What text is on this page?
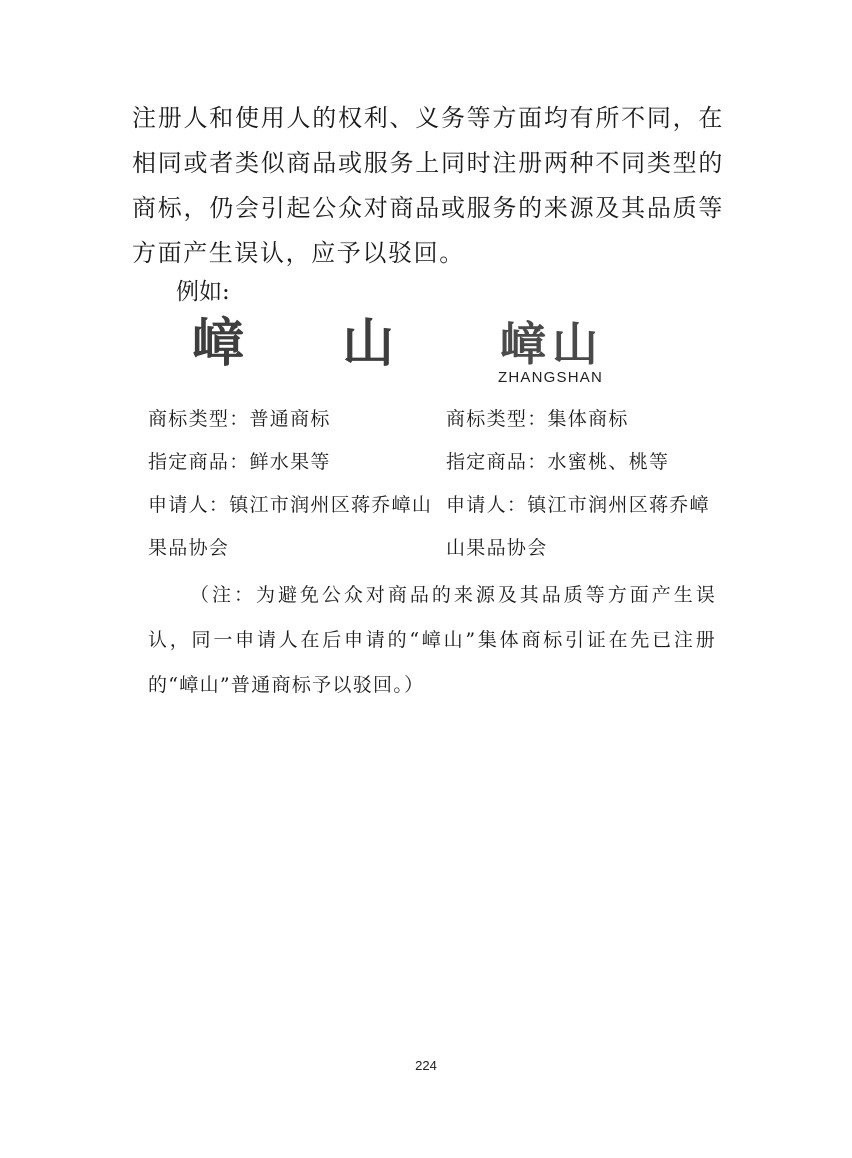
注册人和使用人的权利、义务等方面均有所不同，在相同或者类似商品或服务上同时注册两种不同类型的商标，仍会引起公众对商品或服务的来源及其品质等方面产生误认，应予以驳回。

例如:

嶂 山 嶂山
ZHANGSHAN
商标类型：普通商标
指定商品：鲜水果等
申请人：镇江市润州区蒋乔嶂山果品协会
商标类型：集体商标
指定商品：水蜜桃、桃等
申请人：镇江市润州区蒋乔嶂山果品协会
（注：为避免公众对商品的来源及其品质等方面产生误认，同一申请人在后申请的“嶂山”集体商标引证在先已注册的“嶂山”普通商标予以驳回。）
224
